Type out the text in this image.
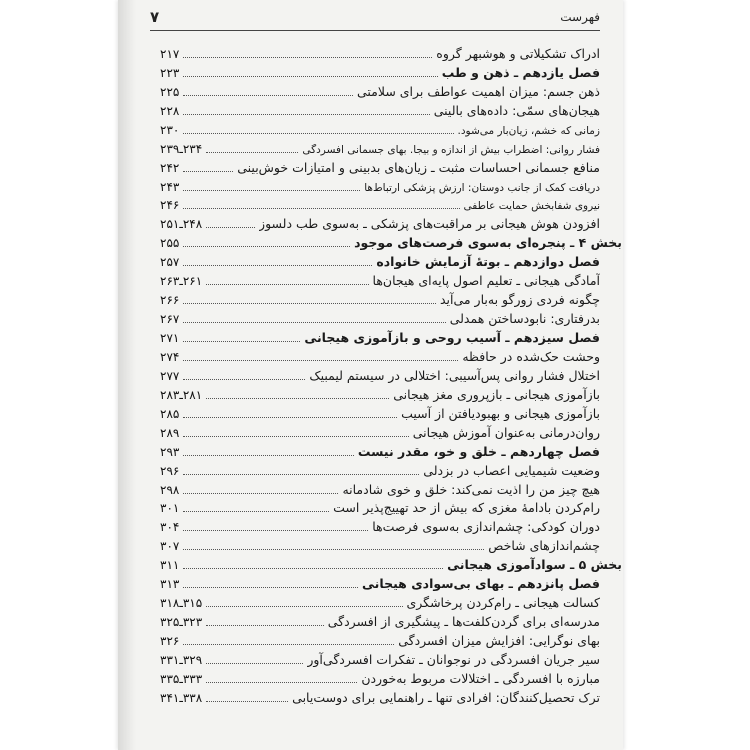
فهرست
۷
ادراک تشکیلاتی و هوشبهر گروه
۲۱۷
فصل یازدهم ـ ذهن و طب
۲۲۳
ذهن جسم: میزان اهمیت عواطف برای سلامتی
۲۲۵
هیجان‌های سمّی: داده‌های بالینی
۲۲۸
زمانی که خشم، زیان‌بار می‌شود.
۲۳۰
فشار روانی: اضطراب بیش از اندازه و بیجا. بهای جسمانی افسردگی
۲۳۴ـ۲۳۹
منافع جسمانی احساسات مثبت ـ زیان‌های بدبینی و امتیازات خوش‌بینی
۲۴۲
دریافت کمک از جانب دوستان: ارزش پزشکی ارتباط‌ها
۲۴۳
نیروی شفابخش حمایت عاطفی
۲۴۶
افزودن هوش هیجانی بر مراقبت‌های پزشکی ـ به‌سوی طب دلسوز
۲۴۸ـ۲۵۱
بخش ۴ ـ پنجره‌ای به‌سوی فرصت‌های موجود
۲۵۵
فصل دوازدهم ـ بوتهٔ آزمایش خانواده
۲۵۷
آمادگی هیجانی ـ تعلیم اصول پایه‌ای هیجان‌ها
۲۶۱ـ۲۶۳
چگونه فردی زورگو به‌بار می‌آید
۲۶۶
بدرفتاری: نابودساختن همدلی
۲۶۷
فصل سیزدهم ـ آسیب روحی و بازآموزی هیجانی
۲۷۱
وحشت حک‌شده در حافظه
۲۷۴
اختلال فشار روانی پس‌آسیبی: اختلالی در سیستم لیمبیک
۲۷۷
بازآموزی هیجانی ـ بازپروری مغز هیجانی
۲۸۱ـ۲۸۳
بازآموزی هیجانی و بهبودیافتن از آسیب
۲۸۵
روان‌درمانی به‌عنوان آموزش هیجانی
۲۸۹
فصل چهاردهم ـ خلق و خو، مقدر نیست
۲۹۳
وضعیت شیمیایی اعصاب در بزدلی
۲۹۶
هیچ چیز من را اذیت نمی‌کند: خلق و خوی شادمانه
۲۹۸
رام‌کردن بادامهٔ مغزی که بیش از حد تهییج‌پذیر است
۳۰۱
دوران کودکی: چشم‌اندازی به‌سوی فرصت‌ها
۳۰۴
چشم‌اندازهای شاخص
۳۰۷
بخش ۵ ـ سوادآموزی هیجانی
۳۱۱
فصل پانزدهم ـ بهای بی‌سوادی هیجانی
۳۱۳
کسالت هیجانی ـ رام‌کردن پرخاشگری
۳۱۵ـ۳۱۸
مدرسه‌ای برای گردن‌کلفت‌ها ـ پیشگیری از افسردگی
۳۲۳ـ۳۲۵
بهای نوگرایی: افزایش میزان افسردگی
۳۲۶
سیر جریان افسردگی در نوجوانان ـ تفکرات افسردگی‌آور
۳۲۹ـ۳۳۱
مبارزه با افسردگی ـ اختلالات مربوط به‌خوردن
۳۳۳ـ۳۳۵
ترک تحصیل‌کنندگان: افرادی تنها ـ راهنمایی برای دوست‌یابی
۳۳۸ـ۳۴۱
